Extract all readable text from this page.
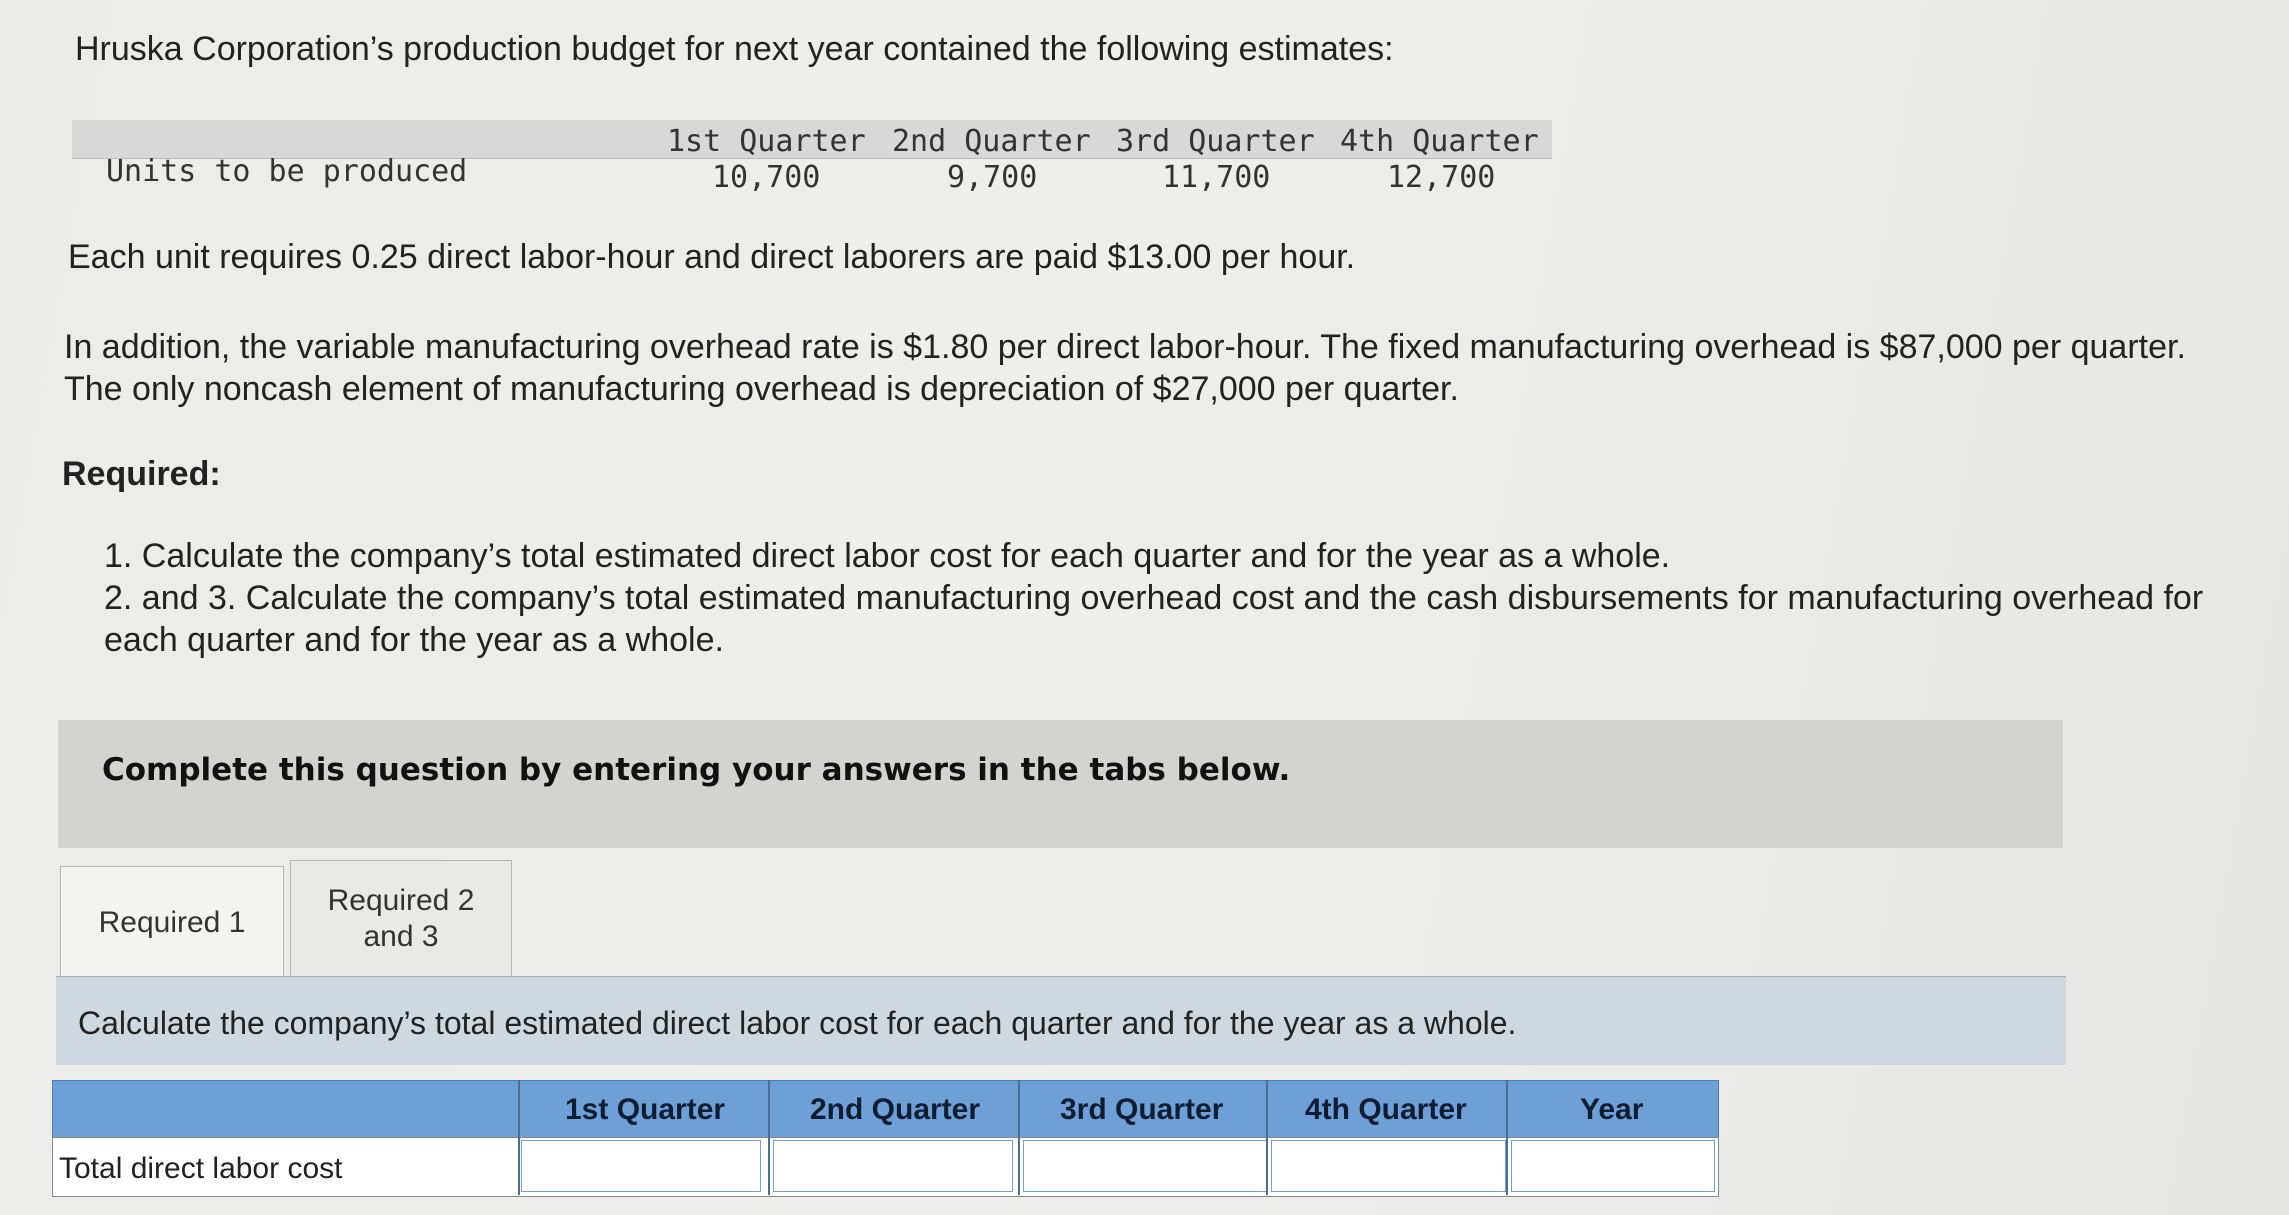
Hruska Corporation’s production budget for next year contained the following estimates:
Units to be produced
1st Quarter 2nd Quarter 3rd Quarter 4th Quarter
10,700	9,700	11,700	12,700
Each unit requires 0.25 direct labor-hour and direct laborers are paid $13.00 per hour.
In addition, the variable manufacturing overhead rate is $1.80 per direct labor-hour. The fixed manufacturing overhead is $87,000 per quarter. The only noncash element of manufacturing overhead is depreciation of $27,000 per quarter.
Required:
1. Calculate the company’s total estimated direct labor cost for each quarter and for the year as a whole.
2. and 3. Calculate the company’s total estimated manufacturing overhead cost and the cash disbursements for manufacturing overhead for each quarter and for the year as a whole.
Complete this question by entering your answers in the tabs below.
Required 1
Required 2 and 3
Calculate the company’s total estimated direct labor cost for each quarter and for the year as a whole.
1st Quarter	2nd Quarter	3rd Quarter	4th Quarter	Year
Total direct labor cost
